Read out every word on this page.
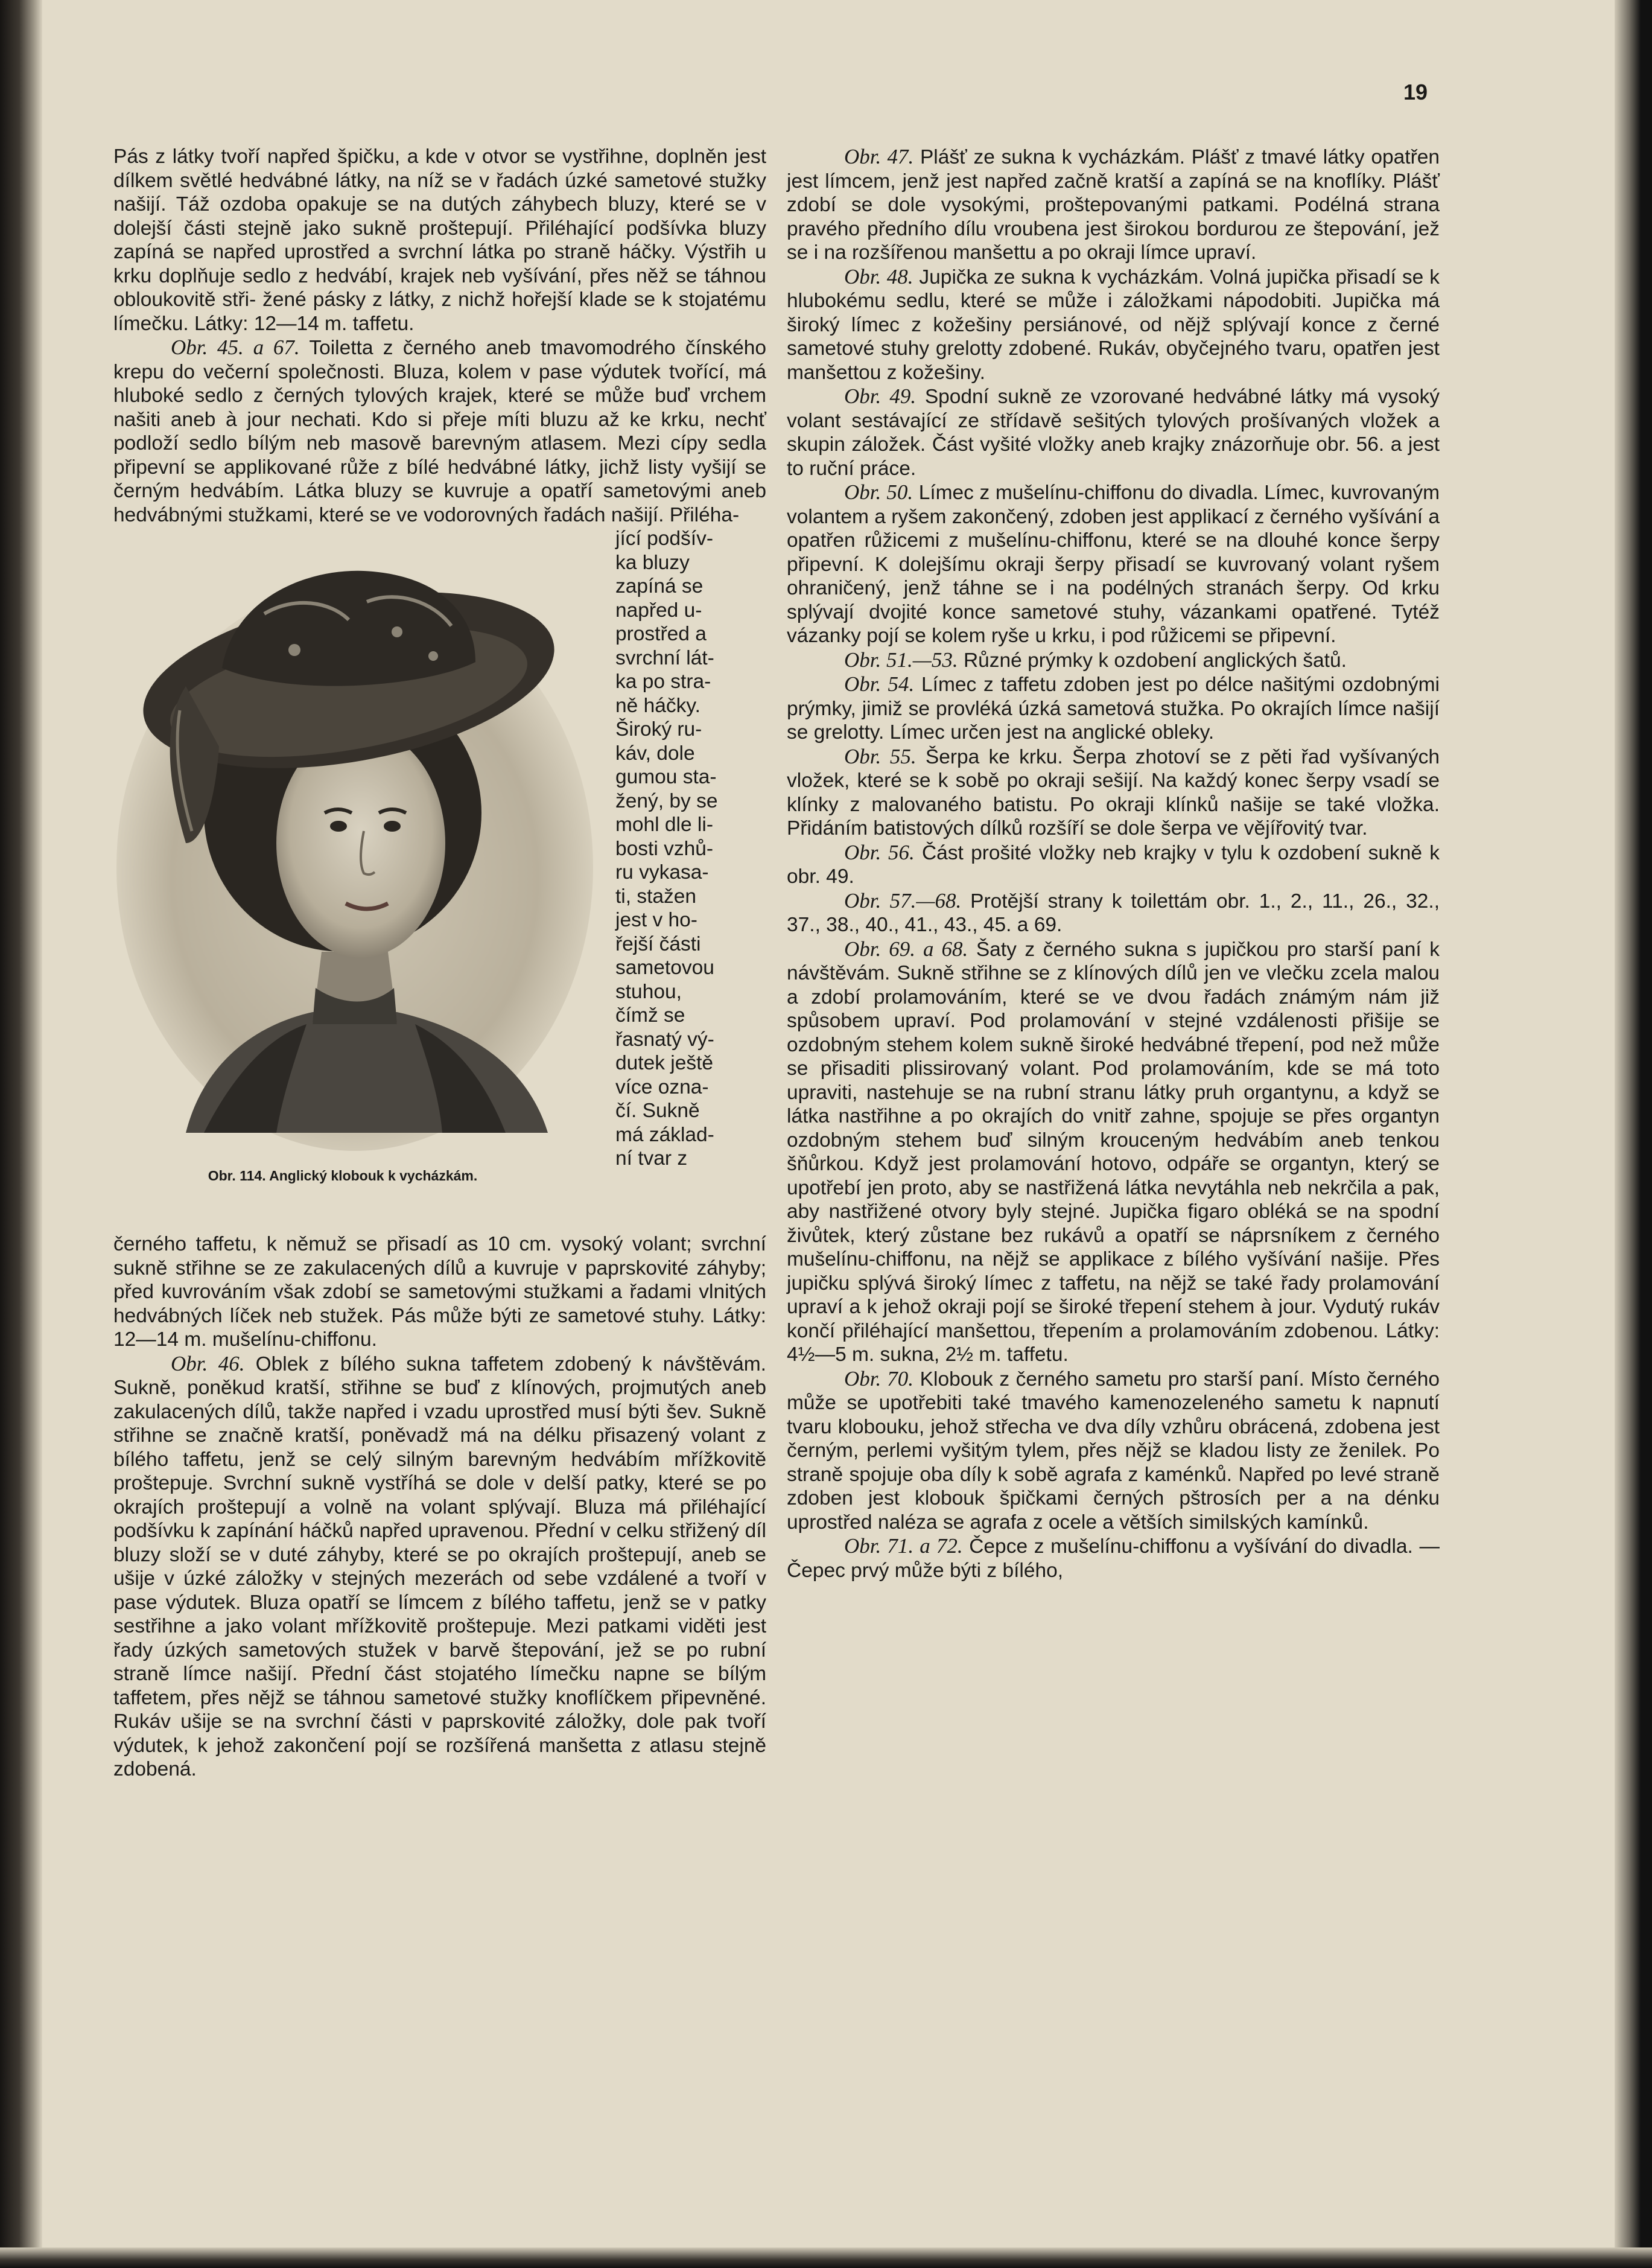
19

Pás z látky tvoří napřed špičku, a kde v otvor se vystřihne, doplněn jest dílkem světlé hedvábné látky, na níž se v řadách úzké sametové stužky našijí. Táž ozdoba opakuje se na dutých záhybech bluzy, které se v dolejší části stejně jako sukně proštepují. Přiléhající podšívka bluzy zapíná se napřed uprostřed a svrchní látka po straně háčky. Výstřih u krku doplňuje sedlo z hedvábí, krajek neb vyšívání, přes něž se táhnou obloukovitě stři- žené pásky z látky, z nichž hořejší klade se k stojatému límečku. Látky: 12—14 m. taffetu.

Obr. 45. a 67. Toiletta z černého aneb tmavomodrého čínského krepu do večerní společnosti. Bluza, kolem v pase výdutek tvořící, má hluboké sedlo z černých tylových krajek, které se může buď vrchem našiti aneb à jour nechati. Kdo si přeje míti bluzu až ke krku, nechť podloží sedlo bílým neb masově barevným atlasem. Mezi cípy sedla připevní se applikované růže z bílé hedvábné látky, jichž listy vyšijí se černým hedvábím. Látka bluzy se kuvruje a opatří sametovými aneb hedvábnými stužkami, které se ve vodorovných řadách našijí. Přiléha-

Obr. 114. Anglický klobouk k vycházkám.
jící podšív-
ka bluzy
zapíná se
napřed u-
prostřed a
svrchní lát-
ka po stra-
ně háčky.
Široký ru-
káv, dole
gumou sta-
žený, by se
mohl dle li-
bosti vzhů-
ru vykasa-
ti, stažen
jest v ho-
řejší části
sametovou
stuhou,
čímž se
řasnatý vý-
dutek ještě
více ozna-
čí. Sukně
má základ-
ní tvar z

černého taffetu, k němuž se přisadí as 10 cm. vysoký volant; svrchní sukně střihne se ze zakulacených dílů a kuvruje v paprskovité záhyby; před kuvrováním však zdobí se sametovými stužkami a řadami vlnitých hedvábných líček neb stužek. Pás může býti ze sametové stuhy. Látky: 12—14 m. mušelínu-chiffonu.

Obr. 46. Oblek z bílého sukna taffetem zdobený k návštěvám. Sukně, poněkud kratší, střihne se buď z klínových, projmutých aneb zakulacených dílů, takže napřed i vzadu uprostřed musí býti šev. Sukně střihne se značně kratší, poněvadž má na délku přisazený volant z bílého taffetu, jenž se celý silným barevným hedvábím mřížkovitě proštepuje. Svrchní sukně vystříhá se dole v delší patky, které se po okrajích proštepují a volně na volant splývají. Bluza má přiléhající podšívku k zapínání háčků napřed upravenou. Přední v celku střižený díl bluzy složí se v duté záhyby, které se po okrajích proštepují, aneb se ušije v úzké záložky v stejných mezerách od sebe vzdálené a tvoří v pase výdutek. Bluza opatří se límcem z bílého taffetu, jenž se v patky sestřihne a jako volant mřížkovitě proštepuje. Mezi patkami viděti jest řady úzkých sametových stužek v barvě štepování, jež se po rubní straně límce našijí. Přední část stojatého límečku napne se bílým taffetem, přes nějž se táhnou sametové stužky knoflíčkem připevněné. Rukáv ušije se na svrchní části v paprskovité záložky, dole pak tvoří výdutek, k jehož zakončení pojí se rozšířená manšetta z atlasu stejně zdobená.

Obr. 47. Plášť ze sukna k vycházkám. Plášť z tmavé látky opatřen jest límcem, jenž jest napřed začně kratší a zapíná se na knoflíky. Plášť zdobí se dole vysokými, proštepovanými patkami. Podélná strana pravého předního dílu vroubena jest širokou bordurou ze štepování, jež se i na rozšířenou manšettu a po okraji límce upraví.

Obr. 48. Jupička ze sukna k vycházkám. Volná jupička přisadí se k hlubokému sedlu, které se může i záložkami nápodobiti. Jupička má široký límec z kožešiny persiánové, od nějž splývají konce z černé sametové stuhy grelotty zdobené. Rukáv, obyčejného tvaru, opatřen jest manšettou z kožešiny.

Obr. 49. Spodní sukně ze vzorované hedvábné látky má vysoký volant sestávající ze střídavě sešitých tylových prošívaných vložek a skupin záložek. Část vyšité vložky aneb krajky znázorňuje obr. 56. a jest to ruční práce.

Obr. 50. Límec z mušelínu-chiffonu do divadla. Límec, kuvrovaným volantem a ryšem zakončený, zdoben jest applikací z černého vyšívání a opatřen růžicemi z mušelínu-chiffonu, které se na dlouhé konce šerpy připevní. K dolejšímu okraji šerpy přisadí se kuvrovaný volant ryšem ohraničený, jenž táhne se i na podélných stranách šerpy. Od krku splývají dvojité konce sametové stuhy, vázankami opatřené. Tytéž vázanky pojí se kolem ryše u krku, i pod růžicemi se připevní.

Obr. 51.—53. Různé prýmky k ozdobení anglických šatů.

Obr. 54. Límec z taffetu zdoben jest po délce našitými ozdobnými prýmky, jimiž se provléká úzká sametová stužka. Po okrajích límce našijí se grelotty. Límec určen jest na anglické obleky.

Obr. 55. Šerpa ke krku. Šerpa zhotoví se z pěti řad vyšívaných vložek, které se k sobě po okraji sešijí. Na každý konec šerpy vsadí se klínky z malovaného batistu. Po okraji klínků našije se také vložka. Přidáním batistových dílků rozšíří se dole šerpa ve vějířovitý tvar.

Obr. 56. Část prošité vložky neb krajky v tylu k ozdobení sukně k obr. 49.

Obr. 57.—68. Protější strany k toilettám obr. 1., 2., 11., 26., 32., 37., 38., 40., 41., 43., 45. a 69.

Obr. 69. a 68. Šaty z černého sukna s jupičkou pro starší paní k návštěvám. Sukně střihne se z klínových dílů jen ve vlečku zcela malou a zdobí prolamováním, které se ve dvou řadách známým nám již spůsobem upraví. Pod prolamování v stejné vzdálenosti přišije se ozdobným stehem kolem sukně široké hedvábné třepení, pod než může se přisaditi plissirovaný volant. Pod prolamováním, kde se má toto upraviti, nastehuje se na rubní stranu látky pruh organtynu, a když se látka nastřihne a po okrajích do vnitř zahne, spojuje se přes organtyn ozdobným stehem buď silným krouceným hedvábím aneb tenkou šňůrkou. Když jest prolamování hotovo, odpáře se organtyn, který se upotřebí jen proto, aby se nastřižená látka nevytáhla neb nekrčila a pak, aby nastřižené otvory byly stejné. Jupička figaro obléká se na spodní živůtek, který zůstane bez rukávů a opatří se náprsníkem z černého mušelínu-chiffonu, na nějž se applikace z bílého vyšívání našije. Přes jupičku splývá široký límec z taffetu, na nějž se také řady prolamování upraví a k jehož okraji pojí se široké třepení stehem à jour. Vydutý rukáv končí přiléhající manšettou, třepením a prolamováním zdobenou. Látky: 4½—5 m. sukna, 2½ m. taffetu.

Obr. 70. Klobouk z černého sametu pro starší paní. Místo černého může se upotřebiti také tmavého kamenozeleného sametu k napnutí tvaru klobouku, jehož střecha ve dva díly vzhůru obrácená, zdobena jest černým, perlemi vyšitým tylem, přes nějž se kladou listy ze ženilek. Po straně spojuje oba díly k sobě agrafa z kaménků. Napřed po levé straně zdoben jest klobouk špičkami černých pštrosích per a na dénku uprostřed naléza se agrafa z ocele a větších similských kamínků.

Obr. 71. a 72. Čepce z mušelínu-chiffonu a vyšívání do divadla. — Čepec prvý může býti z bílého,
